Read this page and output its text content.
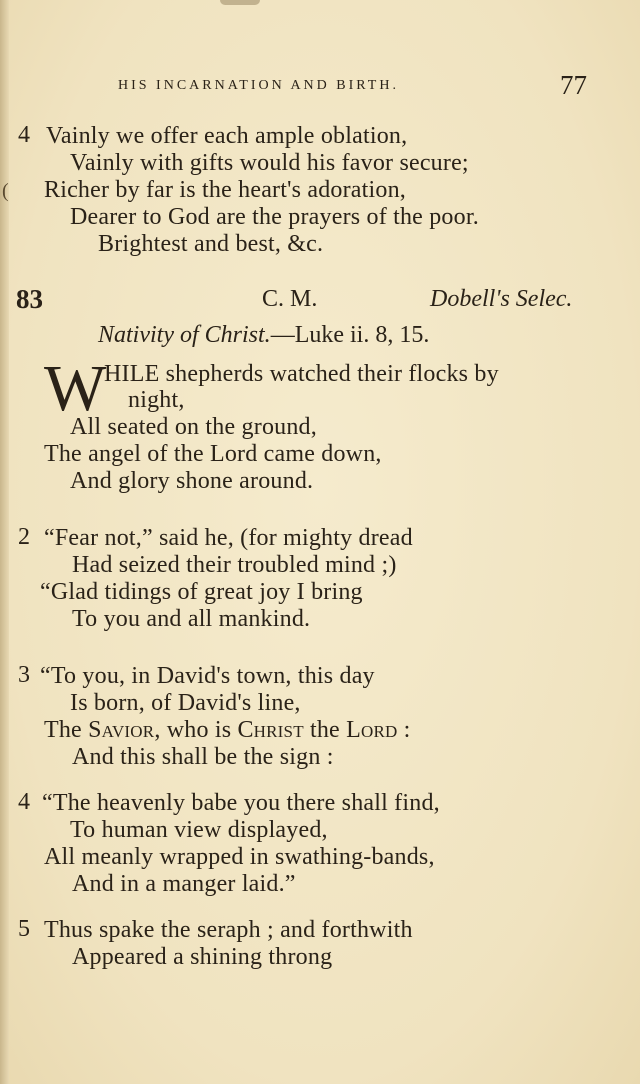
HIS INCARNATION AND BIRTH.	77
4 Vainly we offer each ample oblation,
Vainly with gifts would his favor secure;
( Richer by far is the heart's adoration,
Dearer to God are the prayers of the poor.
Brightest and best, &c.
83	C. M.	Dobell's Selec.
Nativity of Christ.—Luke ii. 8, 15.
W
HILE shepherds watched their flocks by
night,
All seated on the ground,
The angel of the Lord came down,
And glory shone around.
2 “Fear not,” said he, (for mighty dread
Had seized their troubled mind ;)
“Glad tidings of great joy I bring
To you and all mankind.
3 “To you, in David's town, this day
Is born, of David's line,
The Savior, who is Christ the Lord :
And this shall be the sign :
4 “The heavenly babe you there shall find,
To human view displayed,
All meanly wrapped in swathing-bands,
And in a manger laid.”
5 Thus spake the seraph ; and forthwith
Appeared a shining throng
